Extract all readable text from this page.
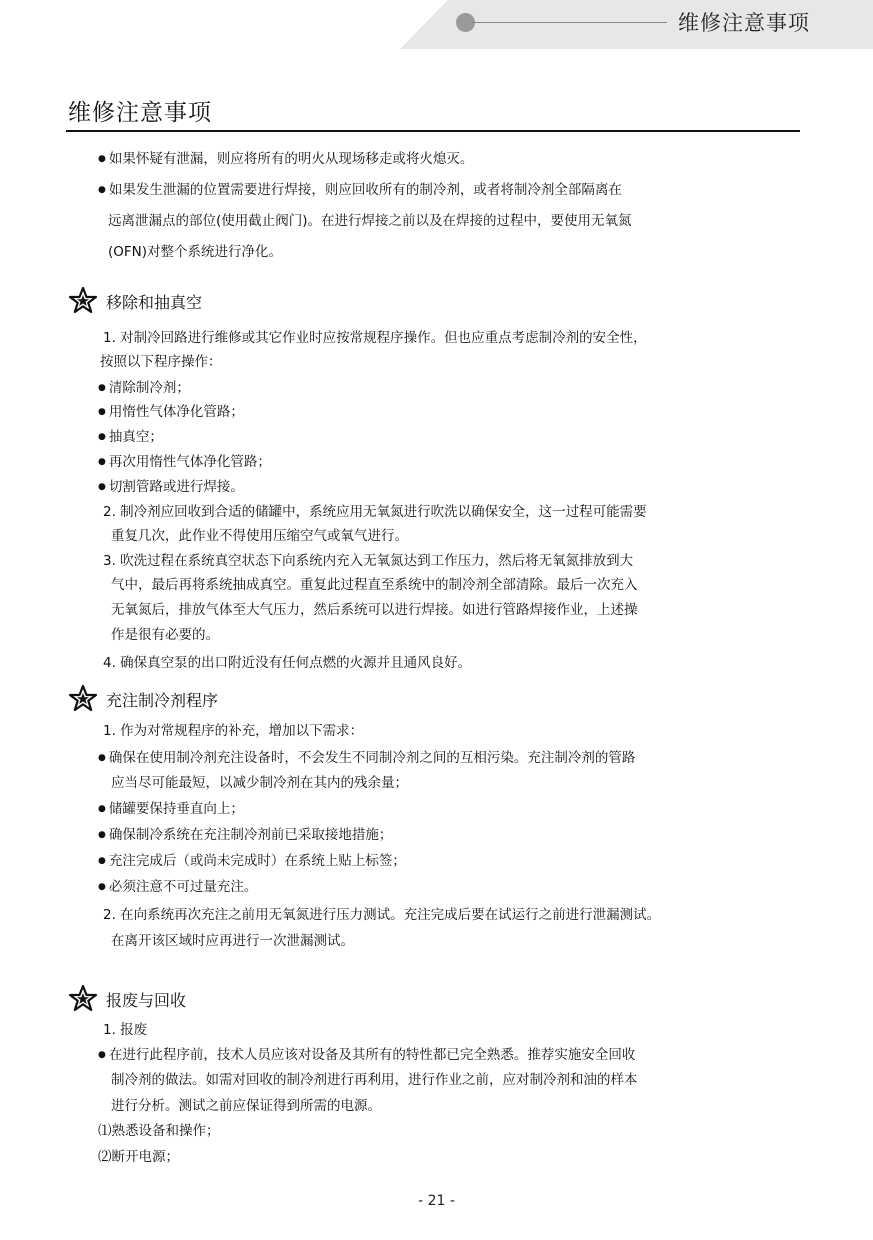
维修注意事项
维修注意事项
● 如果怀疑有泄漏，则应将所有的明火从现场移走或将火熄灭。
● 如果发生泄漏的位置需要进行焊接，则应回收所有的制冷剂，或者将制冷剂全部隔离在
远离泄漏点的部位(使用截止阀门)。在进行焊接之前以及在焊接的过程中，要使用无氧氮
(OFN)对整个系统进行净化。
移除和抽真空
1. 对制冷回路进行维修或其它作业时应按常规程序操作。但也应重点考虑制冷剂的安全性，
按照以下程序操作：
● 清除制冷剂；
● 用惰性气体净化管路；
● 抽真空；
● 再次用惰性气体净化管路；
● 切割管路或进行焊接。
2. 制冷剂应回收到合适的储罐中，系统应用无氧氮进行吹洗以确保安全，这一过程可能需要
重复几次，此作业不得使用压缩空气或氧气进行。
3. 吹洗过程在系统真空状态下向系统内充入无氧氮达到工作压力，然后将无氧氮排放到大
气中，最后再将系统抽成真空。重复此过程直至系统中的制冷剂全部清除。最后一次充入
无氧氮后，排放气体至大气压力，然后系统可以进行焊接。如进行管路焊接作业，上述操
作是很有必要的。
4. 确保真空泵的出口附近没有任何点燃的火源并且通风良好。
充注制冷剂程序
1. 作为对常规程序的补充，增加以下需求：
● 确保在使用制冷剂充注设备时，不会发生不同制冷剂之间的互相污染。充注制冷剂的管路
应当尽可能最短，以减少制冷剂在其内的残余量；
● 储罐要保持垂直向上；
● 确保制冷系统在充注制冷剂前已采取接地措施；
● 充注完成后（或尚未完成时）在系统上贴上标签；
● 必须注意不可过量充注。
2. 在向系统再次充注之前用无氧氮进行压力测试。充注完成后要在试运行之前进行泄漏测试。
在离开该区域时应再进行一次泄漏测试。
报废与回收
1. 报废
● 在进行此程序前，技术人员应该对设备及其所有的特性都已完全熟悉。推荐实施安全回收
制冷剂的做法。如需对回收的制冷剂进行再利用，进行作业之前，应对制冷剂和油的样本
进行分析。测试之前应保证得到所需的电源。
⑴熟悉设备和操作；
⑵断开电源；
- 21 -
